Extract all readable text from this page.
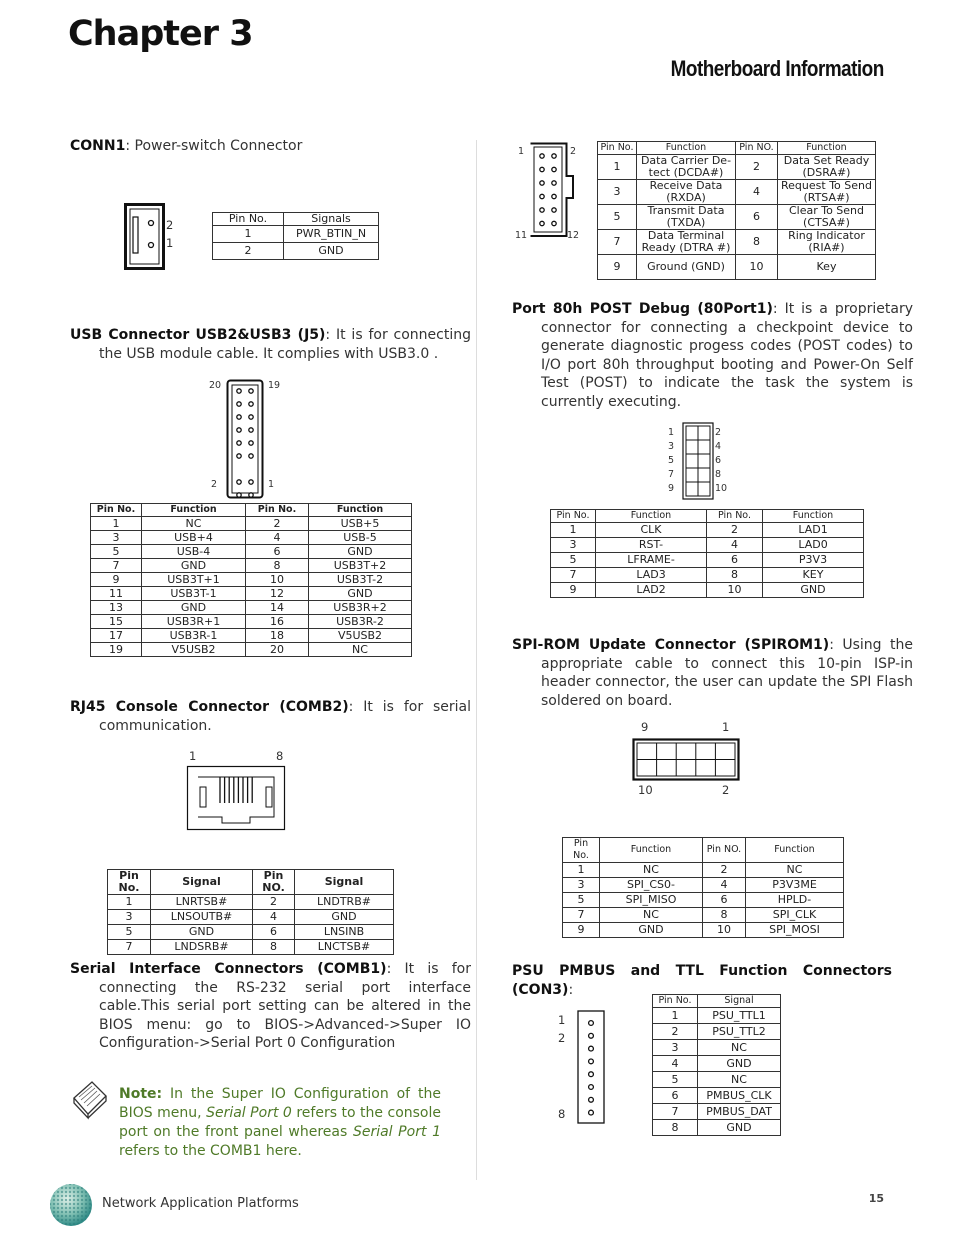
Chapter 3
Motherboard Information
CONN1: Power-switch Connector
2
1
Pin No.	Signals
1	PWR_BTIN_N
2	GND
USB Connector USB2&USB3 (J5): It is for connecting the USB module cable. It complies with USB3.0 .
20	19
2	1
Pin No.	Function	Pin No.	Function
1	NC	2	USB+5
3	USB+4	4	USB-5
5	USB-4	6	GND
7	GND	8	USB3T+2
9	USB3T+1	10	USB3T-2
11	USB3T-1	12	GND
13	GND	14	USB3R+2
15	USB3R+1	16	USB3R-2
17	USB3R-1	18	V5USB2
19	V5USB2	20	NC
RJ45 Console Connector (COMB2): It is for serial communication.
1	8
Pin No.	Signal	Pin NO.	Signal
1	LNRTSB#	2	LNDTRB#
3	LNSOUTB#	4	GND
5	GND	6	LNSINB
7	LNDSRB#	8	LNCTSB#
Serial Interface Connectors (COMB1): It is for connecting the RS-232 serial port interface cable.This serial port setting can be altered in the BIOS menu: go to BIOS->Advanced->Super IO Configuration->Serial Port 0 Configuration
Note: In the Super IO Configuration of the BIOS menu, Serial Port 0 refers to the console port on the front panel whereas Serial Port 1 refers to the COMB1 here.
1	2
11	12
Pin No.	Function	Pin NO.	Function
1	Data Carrier De-tect (DCDA#)	2	Data Set Ready (DSRA#)
3	Receive Data (RXDA)	4	Request To Send (RTSA#)
5	Transmit Data (TXDA)	6	Clear To Send (CTSA#)
7	Data Terminal Ready (DTRA #)	8	Ring Indicator (RIA#)
9	Ground (GND)	10	Key
Port 80h POST Debug (80Port1): It is a proprietary connector for connecting a checkpoint device to generate diagnostic progess codes (POST codes) to I/O port 80h throughput booting and Power-On Self Test (POST) to indicate the task the system is currently executing.
1
3
5
7
9
2
4
6
8
10
Pin No.	Function	Pin No.	Function
1	CLK	2	LAD1
3	RST-	4	LAD0
5	LFRAME-	6	P3V3
7	LAD3	8	KEY
9	LAD2	10	GND
SPI-ROM Update Connector (SPIROM1): Using the appropriate cable to connect this 10-pin ISP-in header connector, the user can update the SPI Flash soldered on board.
9	1
10	2
Pin No.	Function	Pin NO.	Function
1	NC	2	NC
3	SPI_CS0-	4	P3V3ME
5	SPI_MISO	6	HPLD-
7	NC	8	SPI_CLK
9	GND	10	SPI_MOSI
PSU PMBUS and TTL Function Connectors (CON3):
1
2
8
Pin No.	Signal
1	PSU_TTL1
2	PSU_TTL2
3	NC
4	GND
5	NC
6	PMBUS_CLK
7	PMBUS_DAT
8	GND
Network Application Platforms	15
